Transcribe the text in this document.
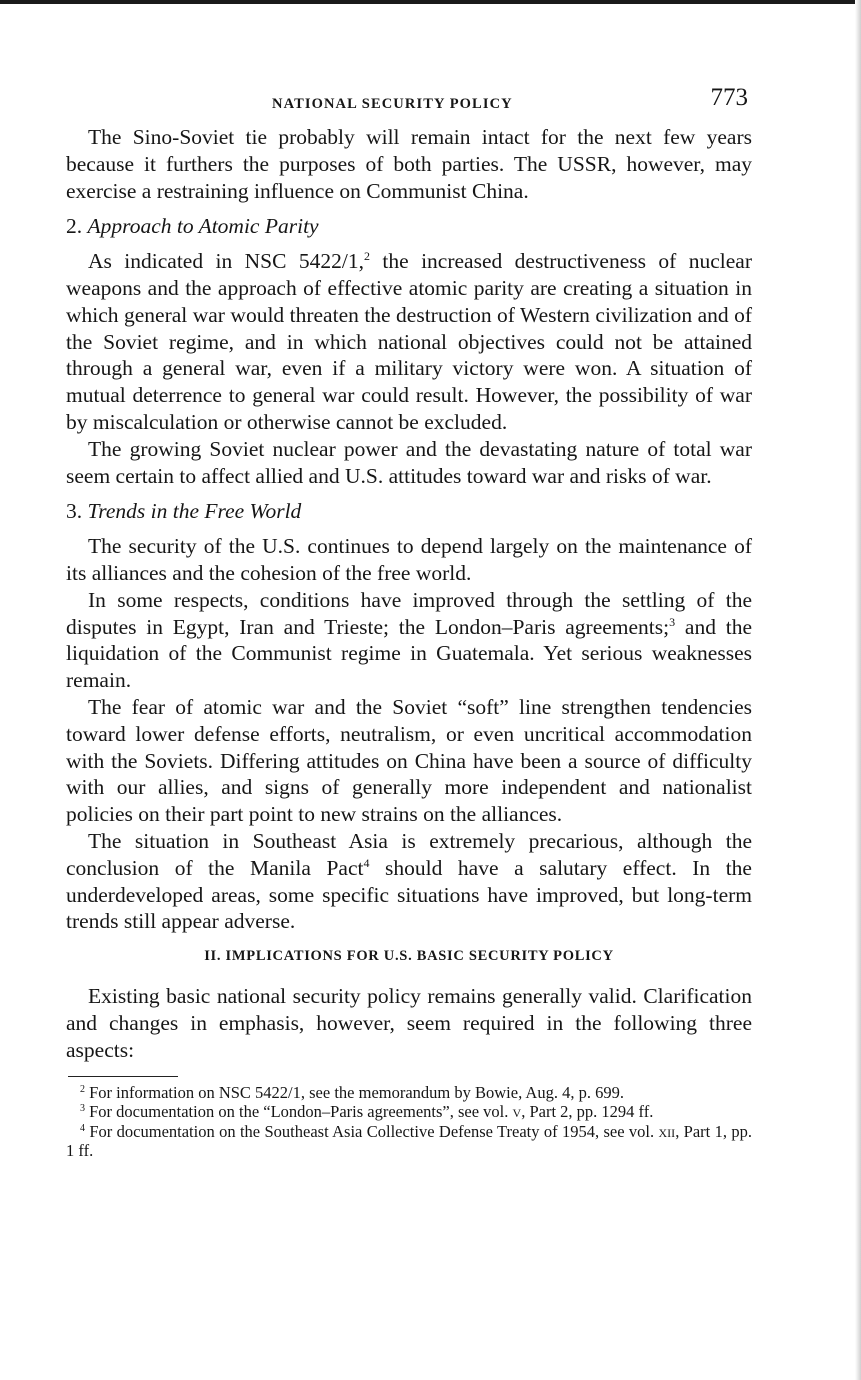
NATIONAL SECURITY POLICY	773

The Sino-Soviet tie probably will remain intact for the next few years because it furthers the purposes of both parties. The USSR, however, may exercise a restraining influence on Communist China.

2. Approach to Atomic Parity

As indicated in NSC 5422/1,$^2$ the increased destructiveness of nuclear weapons and the approach of effective atomic parity are creating a situation in which general war would threaten the destruction of Western civilization and of the Soviet regime, and in which national objectives could not be attained through a general war, even if a military victory were won. A situation of mutual deterrence to general war could result. However, the possibility of war by miscalculation or otherwise cannot be excluded.

The growing Soviet nuclear power and the devastating nature of total war seem certain to affect allied and U.S. attitudes toward war and risks of war.

3. Trends in the Free World

The security of the U.S. continues to depend largely on the maintenance of its alliances and the cohesion of the free world.

In some respects, conditions have improved through the settling of the disputes in Egypt, Iran and Trieste; the London–Paris agreements;$^3$ and the liquidation of the Communist regime in Guatemala. Yet serious weaknesses remain.

The fear of atomic war and the Soviet “soft” line strengthen tendencies toward lower defense efforts, neutralism, or even uncritical accommodation with the Soviets. Differing attitudes on China have been a source of difficulty with our allies, and signs of generally more independent and nationalist policies on their part point to new strains on the alliances.

The situation in Southeast Asia is extremely precarious, although the conclusion of the Manila Pact$^4$ should have a salutary effect. In the underdeveloped areas, some specific situations have improved, but long-term trends still appear adverse.

II. IMPLICATIONS FOR U.S. BASIC SECURITY POLICY

Existing basic national security policy remains generally valid. Clarification and changes in emphasis, however, seem required in the following three aspects:

$^2$ For information on NSC 5422/1, see the memorandum by Bowie, Aug. 4, p. 699.

$^3$ For documentation on the “London–Paris agreements”, see vol. v, Part 2, pp. 1294 ff.

$^4$ For documentation on the Southeast Asia Collective Defense Treaty of 1954, see vol. xii, Part 1, pp. 1 ff.
